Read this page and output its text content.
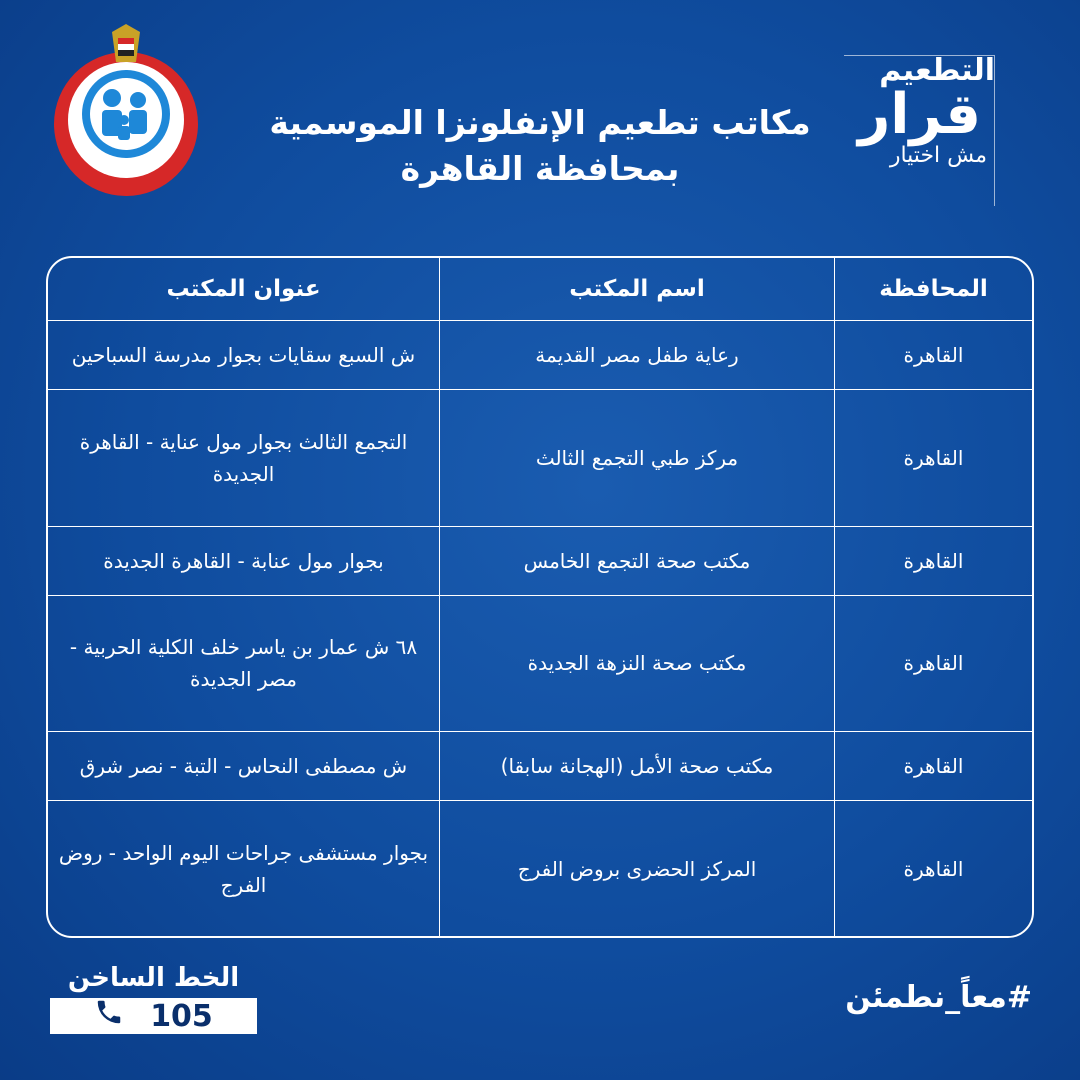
مكاتب تطعيم الإنفلونزا الموسمية
بمحافظة القاهرة
التطعيم
قرار
مش اختيار
المحافظة	اسم المكتب	عنوان المكتب
القاهرة	رعاية طفل مصر القديمة	ش السبع سقايات بجوار مدرسة السباحين
القاهرة	مركز طبي التجمع الثالث	التجمع الثالث بجوار مول عناية - القاهرة الجديدة
القاهرة	مكتب صحة التجمع الخامس	بجوار مول عنابة - القاهرة الجديدة
القاهرة	مكتب صحة النزهة الجديدة	٦٨ ش عمار بن ياسر خلف الكلية الحربية - مصر الجديدة
القاهرة	مكتب صحة الأمل (الهجانة سابقا)	ش مصطفى النحاس - التبة - نصر شرق
القاهرة	المركز الحضرى بروض الفرج	بجوار مستشفى جراحات اليوم الواحد - روض الفرج
الخط الساخن
105
#معاً_نطمئن
